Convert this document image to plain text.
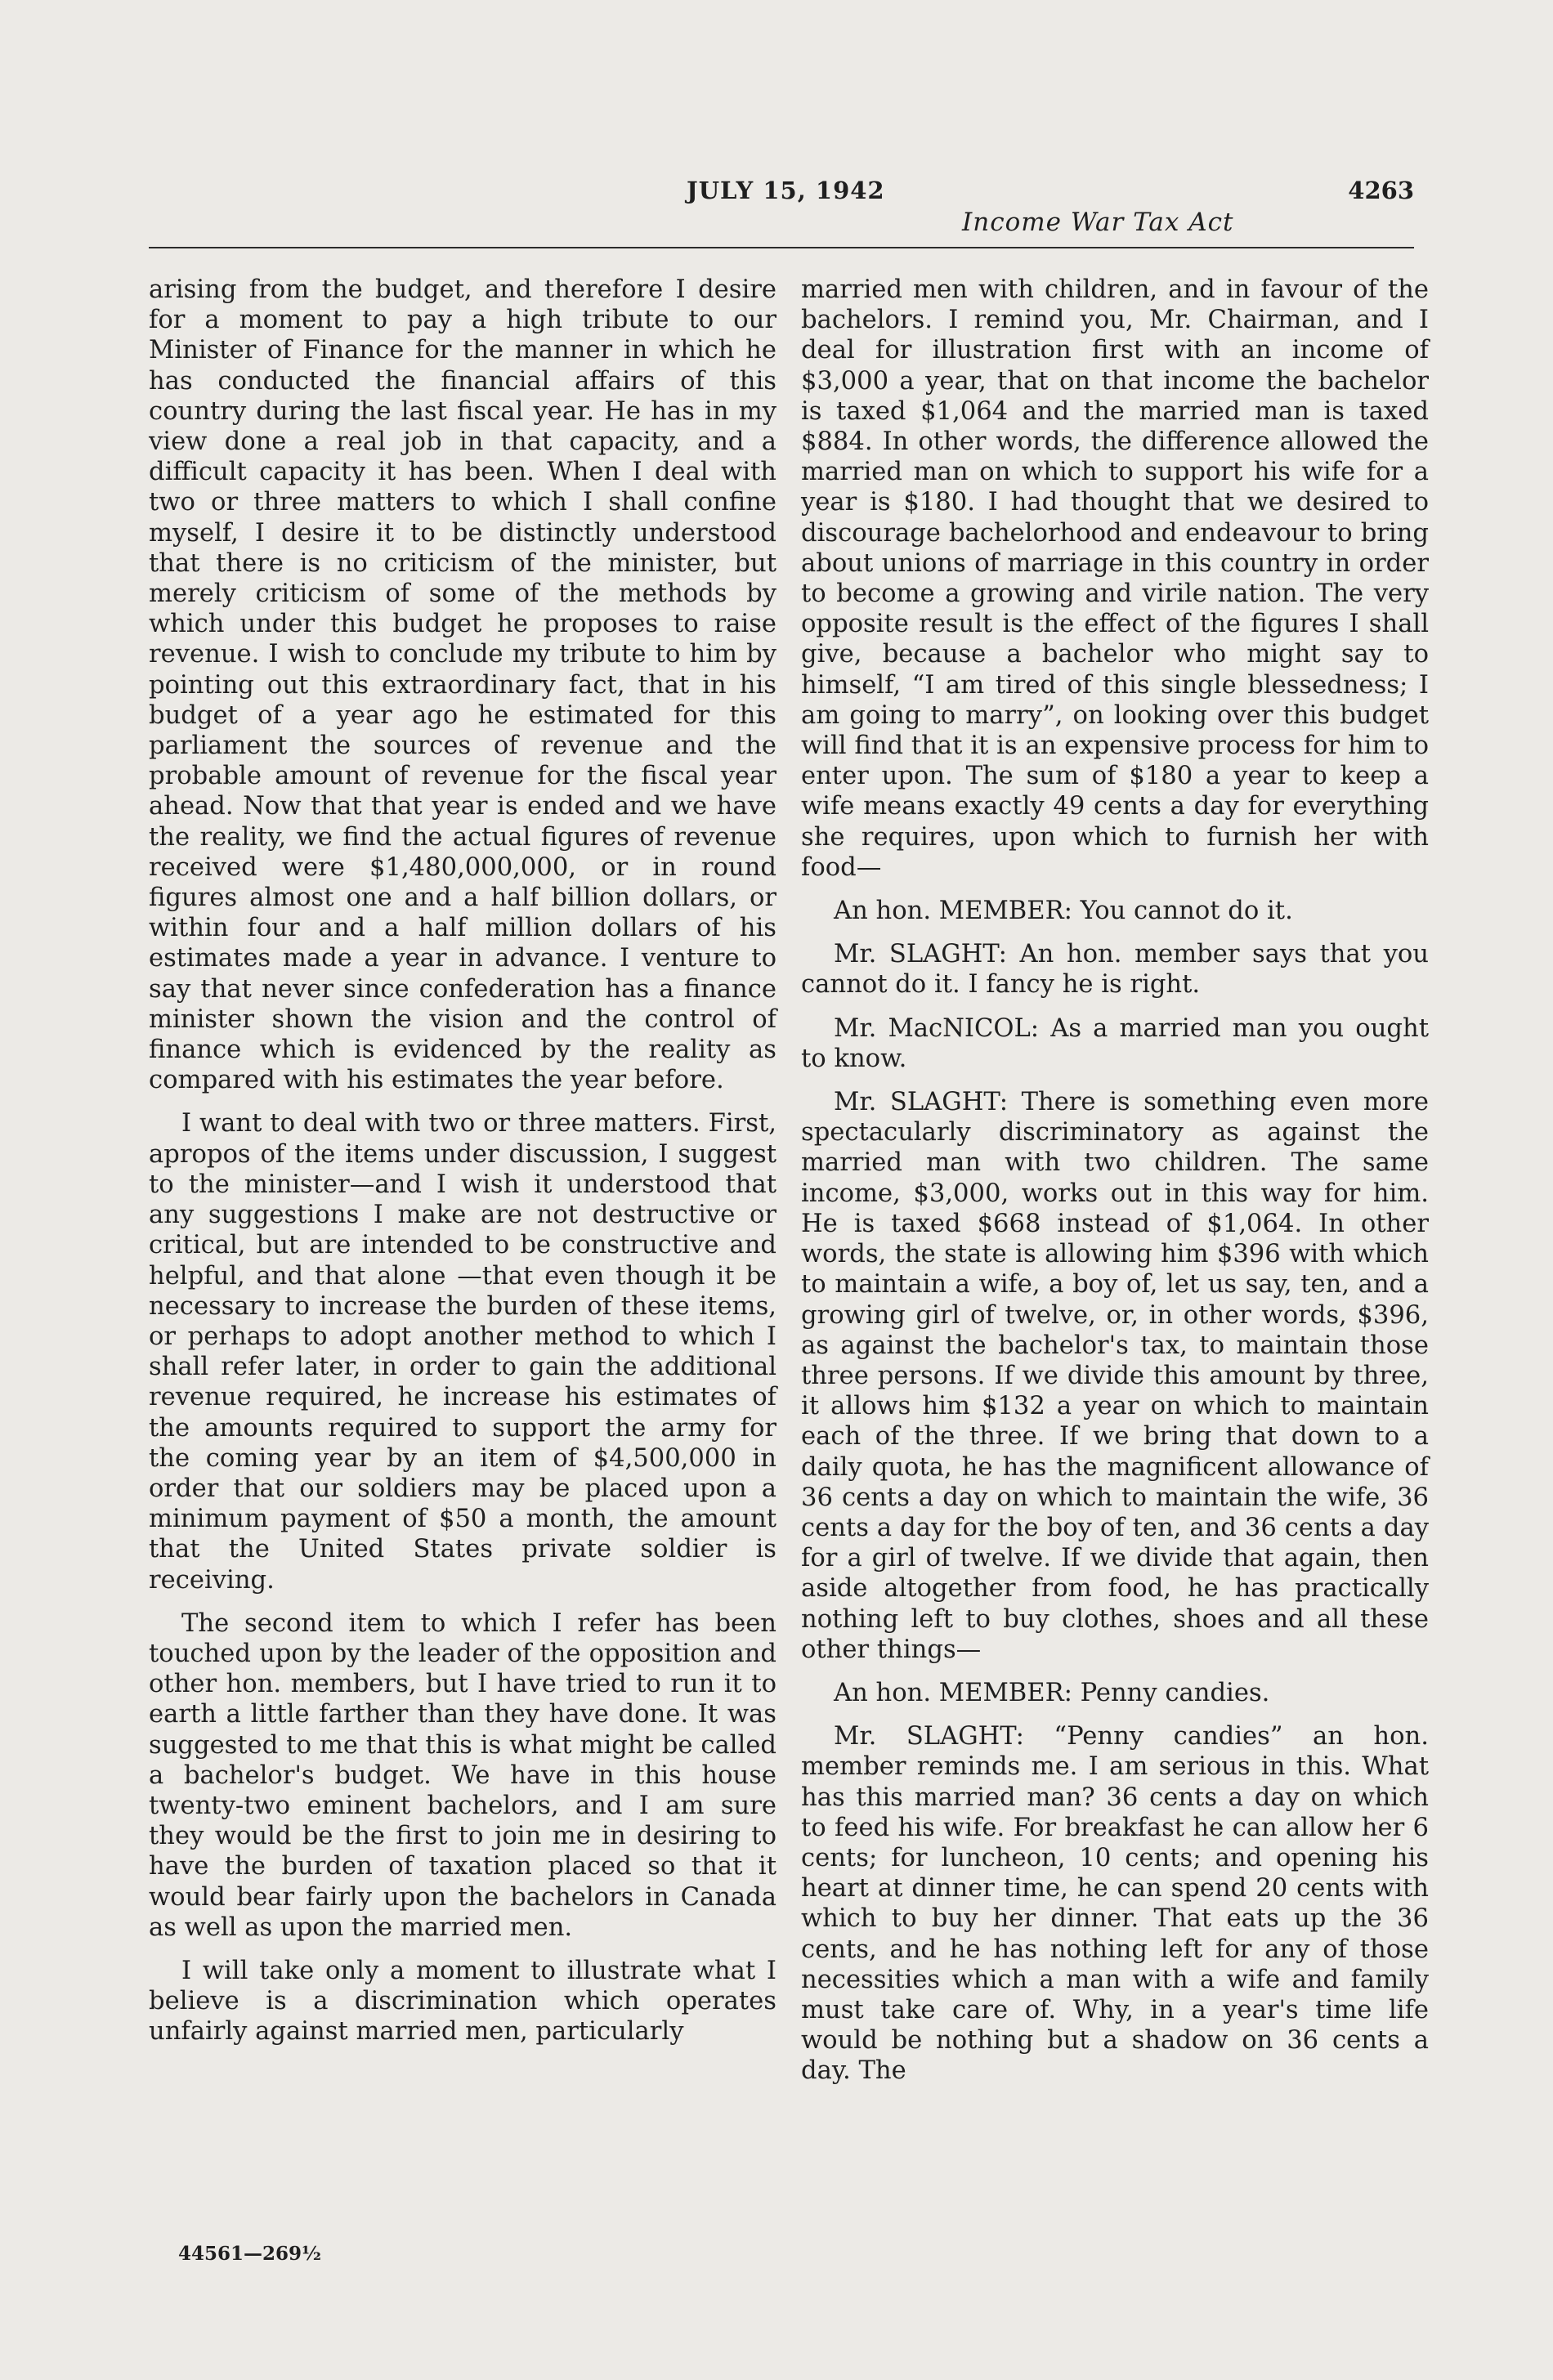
JULY 15, 1942	4263
Income War Tax Act

arising from the budget, and therefore I desire for a moment to pay a high tribute to our Minister of Finance for the manner in which he has conducted the financial affairs of this country during the last fiscal year. He has in my view done a real job in that capacity, and a difficult capacity it has been. When I deal with two or three matters to which I shall confine myself, I desire it to be distinctly understood that there is no criticism of the minister, but merely criticism of some of the methods by which under this budget he proposes to raise revenue. I wish to conclude my tribute to him by pointing out this extraordinary fact, that in his budget of a year ago he estimated for this parliament the sources of revenue and the probable amount of revenue for the fiscal year ahead. Now that that year is ended and we have the reality, we find the actual figures of revenue received were $1,480,000,000, or in round figures almost one and a half billion dollars, or within four and a half million dollars of his estimates made a year in advance. I venture to say that never since confederation has a finance minister shown the vision and the control of finance which is evidenced by the reality as compared with his estimates the year before.

I want to deal with two or three matters. First, apropos of the items under discussion, I suggest to the minister—and I wish it understood that any suggestions I make are not destructive or critical, but are intended to be constructive and helpful, and that alone —that even though it be necessary to increase the burden of these items, or perhaps to adopt another method to which I shall refer later, in order to gain the additional revenue required, he increase his estimates of the amounts required to support the army for the coming year by an item of $4,500,000 in order that our soldiers may be placed upon a minimum payment of $50 a month, the amount that the United States private soldier is receiving.

The second item to which I refer has been touched upon by the leader of the opposition and other hon. members, but I have tried to run it to earth a little farther than they have done. It was suggested to me that this is what might be called a bachelor's budget. We have in this house twenty-two eminent bachelors, and I am sure they would be the first to join me in desiring to have the burden of taxation placed so that it would bear fairly upon the bachelors in Canada as well as upon the married men.

I will take only a moment to illustrate what I believe is a discrimination which operates unfairly against married men, particularly

married men with children, and in favour of the bachelors. I remind you, Mr. Chairman, and I deal for illustration first with an income of $3,000 a year, that on that income the bachelor is taxed $1,064 and the married man is taxed $884. In other words, the difference allowed the married man on which to support his wife for a year is $180. I had thought that we desired to discourage bachelorhood and endeavour to bring about unions of marriage in this country in order to become a growing and virile nation. The very opposite result is the effect of the figures I shall give, because a bachelor who might say to himself, “I am tired of this single blessedness; I am going to marry”, on looking over this budget will find that it is an expensive process for him to enter upon. The sum of $180 a year to keep a wife means exactly 49 cents a day for everything she requires, upon which to furnish her with food—

An hon. MEMBER: You cannot do it.

Mr. SLAGHT: An hon. member says that you cannot do it. I fancy he is right.

Mr. MacNICOL: As a married man you ought to know.

Mr. SLAGHT: There is something even more spectacularly discriminatory as against the married man with two children. The same income, $3,000, works out in this way for him. He is taxed $668 instead of $1,064. In other words, the state is allowing him $396 with which to maintain a wife, a boy of, let us say, ten, and a growing girl of twelve, or, in other words, $396, as against the bachelor's tax, to maintain those three persons. If we divide this amount by three, it allows him $132 a year on which to maintain each of the three. If we bring that down to a daily quota, he has the magnificent allowance of 36 cents a day on which to maintain the wife, 36 cents a day for the boy of ten, and 36 cents a day for a girl of twelve. If we divide that again, then aside altogether from food, he has practically nothing left to buy clothes, shoes and all these other things—

An hon. MEMBER: Penny candies.

Mr. SLAGHT: “Penny candies” an hon. member reminds me. I am serious in this. What has this married man? 36 cents a day on which to feed his wife. For breakfast he can allow her 6 cents; for luncheon, 10 cents; and opening his heart at dinner time, he can spend 20 cents with which to buy her dinner. That eats up the 36 cents, and he has nothing left for any of those necessities which a man with a wife and family must take care of. Why, in a year's time life would be nothing but a shadow on 36 cents a day. The

44561—269½
